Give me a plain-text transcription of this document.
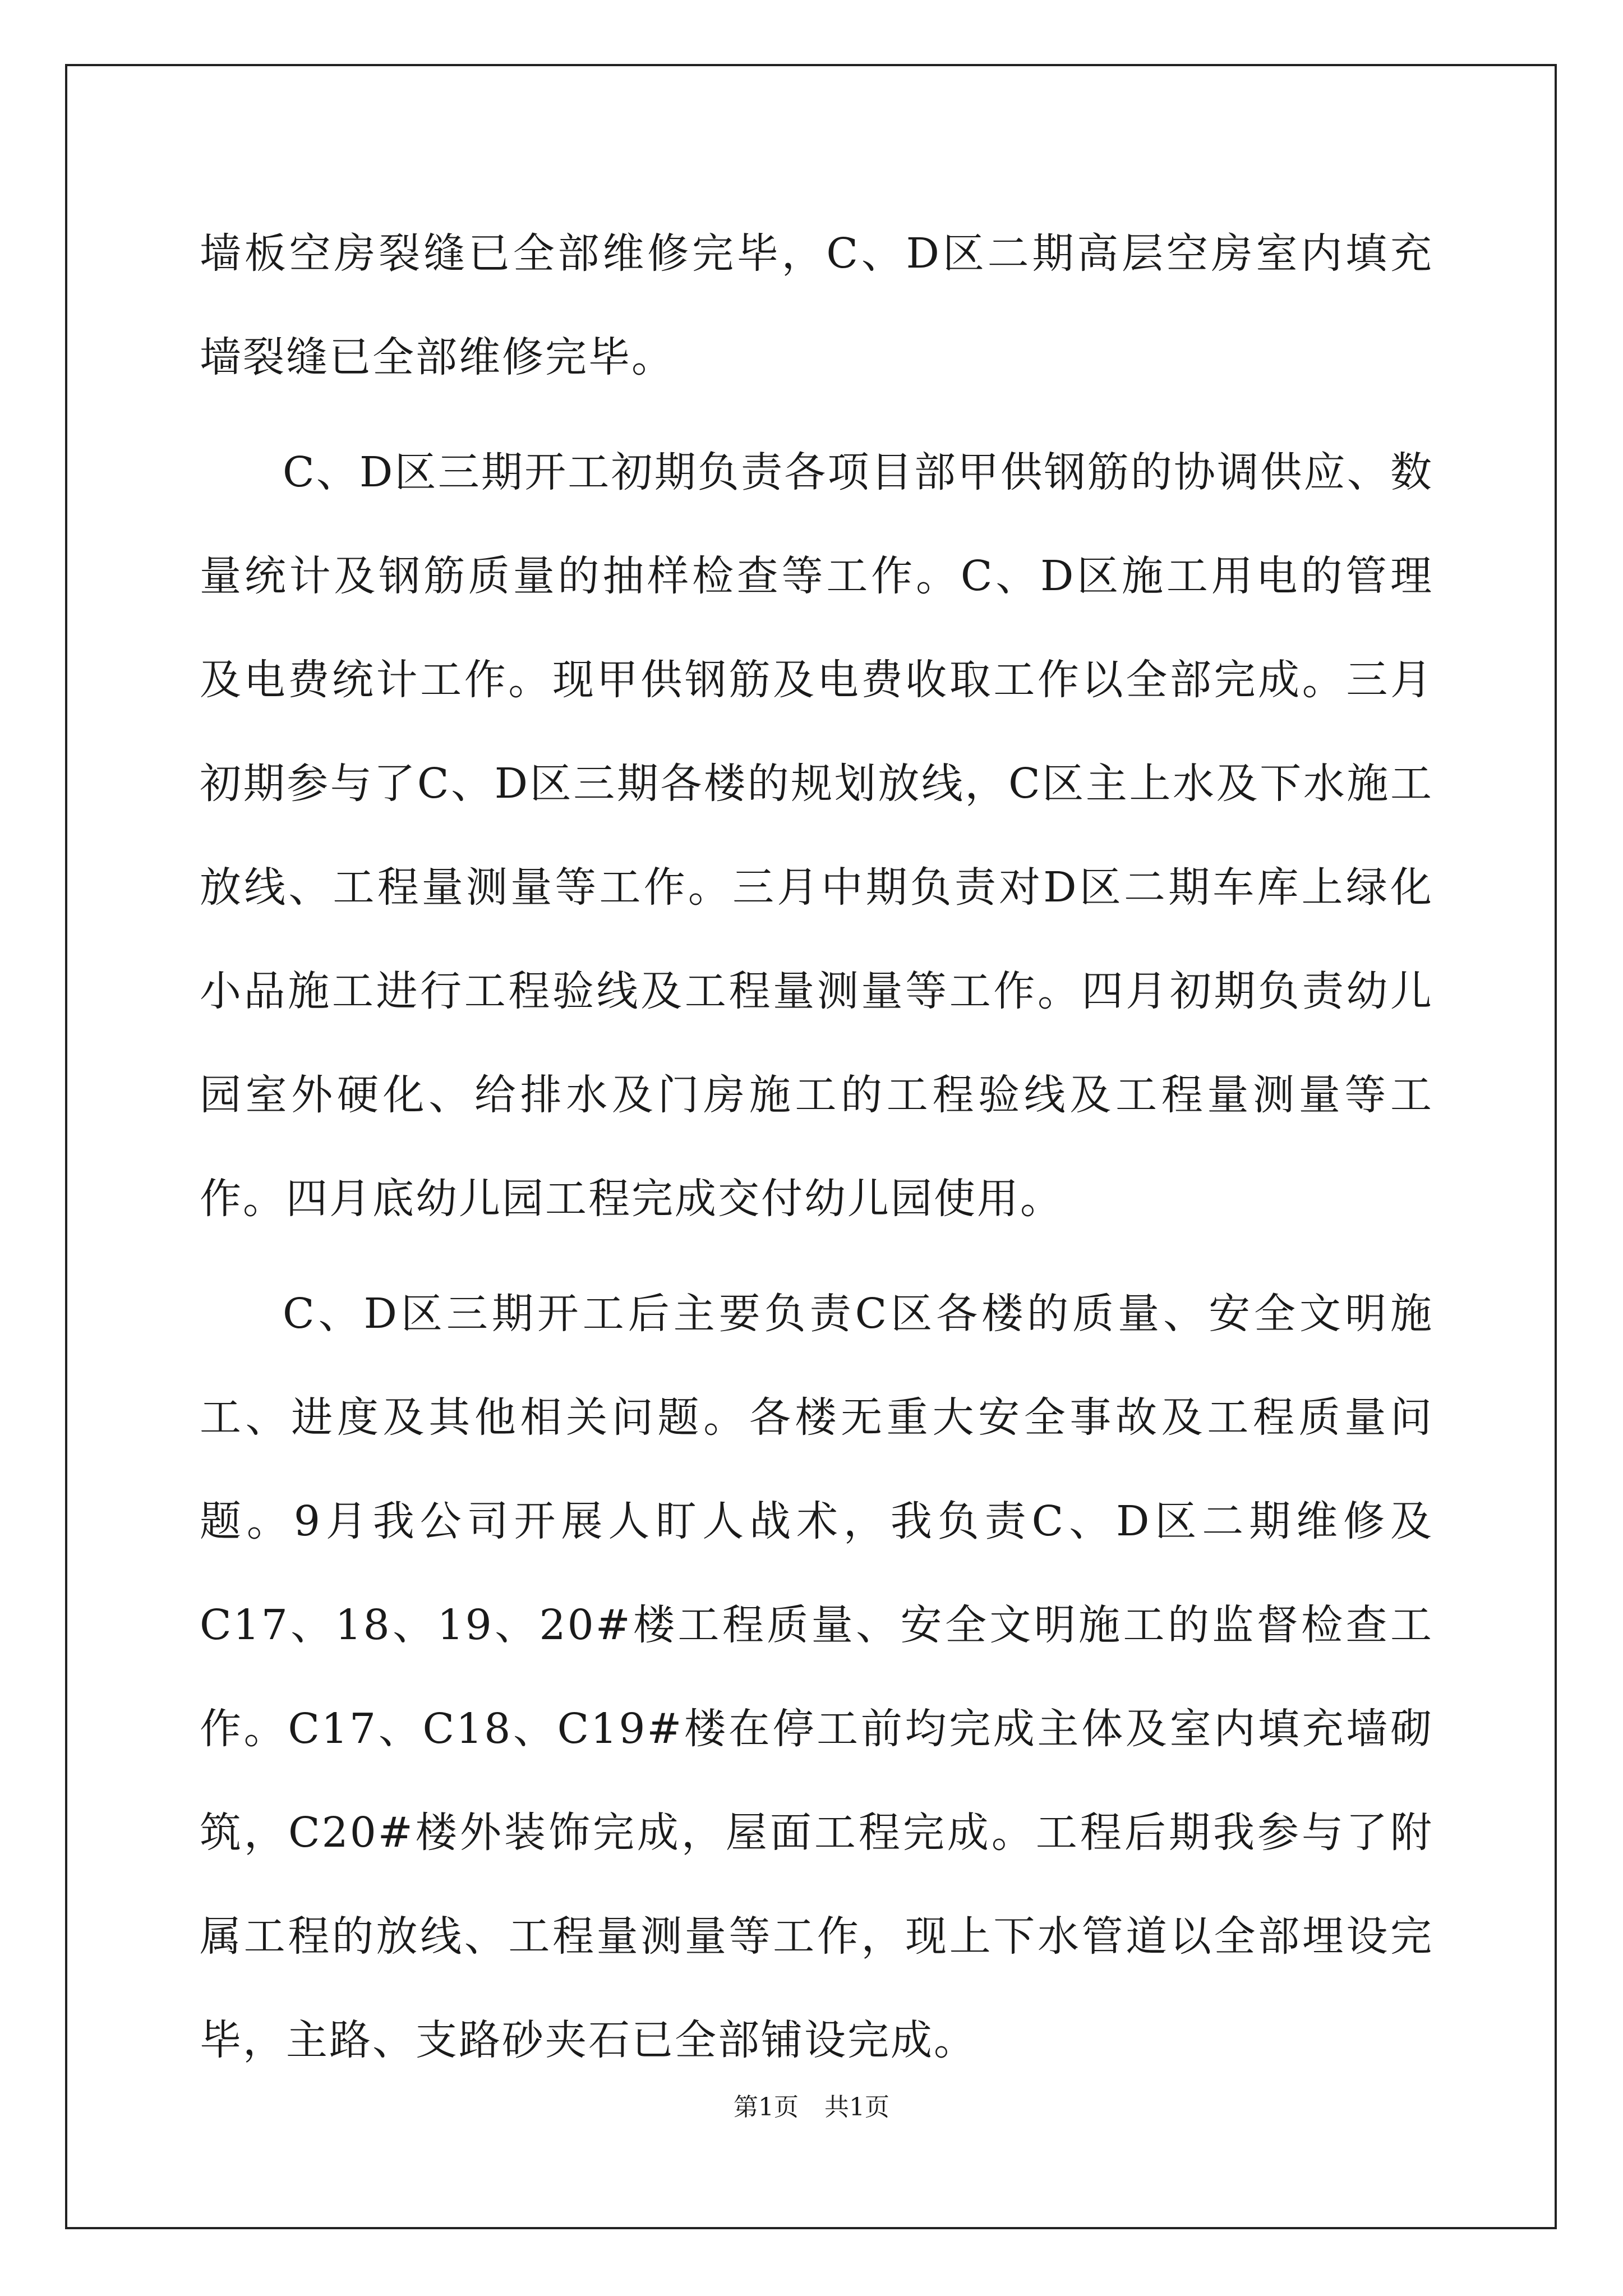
墙板空房裂缝已全部维修完毕，C、D区二期高层空房室内填充墙裂缝已全部维修完毕。

C、D区三期开工初期负责各项目部甲供钢筋的协调供应、数量统计及钢筋质量的抽样检查等工作。C、D区施工用电的管理及电费统计工作。现甲供钢筋及电费收取工作以全部完成。三月初期参与了C、D区三期各楼的规划放线，C区主上水及下水施工放线、工程量测量等工作。三月中期负责对D区二期车库上绿化小品施工进行工程验线及工程量测量等工作。四月初期负责幼儿园室外硬化、给排水及门房施工的工程验线及工程量测量等工作。四月底幼儿园工程完成交付幼儿园使用。

C、D区三期开工后主要负责C区各楼的质量、安全文明施工、进度及其他相关问题。各楼无重大安全事故及工程质量问题。9月我公司开展人盯人战术，我负责C、D区二期维修及C17、18、19、20#楼工程质量、安全文明施工的监督检查工作。C17、C18、C19#楼在停工前均完成主体及室内填充墙砌筑，C20#楼外装饰完成，屋面工程完成。工程后期我参与了附属工程的放线、工程量测量等工作，现上下水管道以全部埋设完毕，主路、支路砂夹石已全部铺设完成。

第1页 共1页
